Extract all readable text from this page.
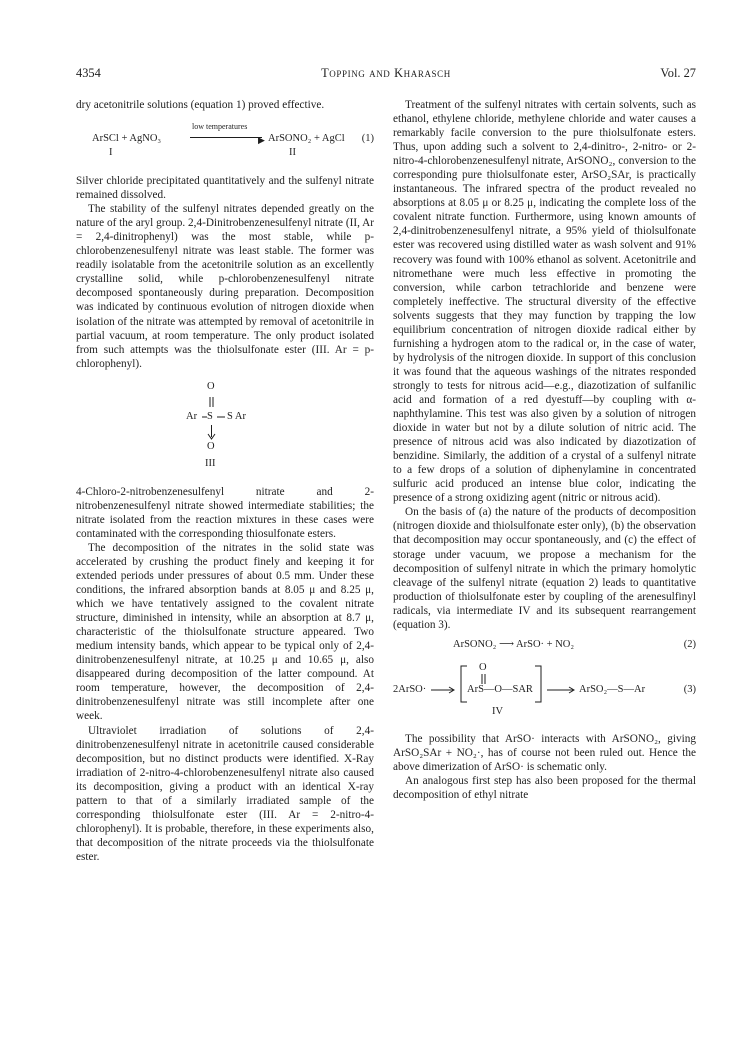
4354	Topping and Kharasch	Vol. 27

dry acetonitrile solutions (equation 1) proved effective.

ArSCl + AgNO₃
I
low temperatures
▶ ArSONO₂ + AgCl
II
(1)

Silver chloride precipitated quantitatively and the sulfenyl nitrate remained dissolved.

The stability of the sulfenyl nitrates depended greatly on the nature of the aryl group. 2,4-Dinitrobenzenesulfenyl nitrate (II, Ar = 2,4-dinitrophenyl) was the most stable, while p-chlorobenzenesulfenyl nitrate was least stable. The former was readily isolatable from the acetonitrile solution as an excellently crystalline solid, while p-chlorobenzenesulfenyl nitrate decomposed spontaneously during preparation. Decomposition was indicated by continuous evolution of nitrogen dioxide when isolation of the nitrate was attempted by removal of acetonitrile in partial vacuum, at room temperature. The only product isolated from such attempts was the thiolsulfonate ester (III. Ar = p-chlorophenyl).

O
Ar S S Ar
O
III

4-Chloro-2-nitrobenzenesulfenyl nitrate and 2-nitrobenzenesulfenyl nitrate showed intermediate stabilities; the nitrate isolated from the reaction mixtures in these cases were contaminated with the corresponding thiosulfonate esters.

The decomposition of the nitrates in the solid state was accelerated by crushing the product finely and keeping it for extended periods under pressures of about 0.5 mm. Under these conditions, the infrared absorption bands at 8.05 μ and 8.25 μ, which we have tentatively assigned to the covalent nitrate structure, diminished in intensity, while an absorption at 8.7 μ, characteristic of the thiolsulfonate structure appeared. Two medium intensity bands, which appear to be typical only of 2,4-dinitrobenzenesulfenyl nitrate, at 10.25 μ and 10.65 μ, also disappeared during decomposition of the latter compound. At room temperature, however, the decomposition of 2,4-dinitrobenzenesulfenyl nitrate was still incomplete after one week.

Ultraviolet irradiation of solutions of 2,4-dinitrobenzenesulfenyl nitrate in acetonitrile caused considerable decomposition, but no distinct products were identified. X-Ray irradiation of 2-nitro-4-chlorobenzenesulfenyl nitrate also caused its decomposition, giving a product with an identical X-ray pattern to that of a similarly irradiated sample of the corresponding thiolsulfonate ester (III. Ar = 2-nitro-4-chlorophenyl). It is probable, therefore, in these experiments also, that decomposition of the nitrate proceeds via the thiolsulfonate ester.

Treatment of the sulfenyl nitrates with certain solvents, such as ethanol, ethylene chloride, methylene chloride and water causes a remarkably facile conversion to the pure thiolsulfonate esters. Thus, upon adding such a solvent to 2,4-dinitro-, 2-nitro- or 2-nitro-4-chlorobenzenesulfenyl nitrate, ArSONO₂, conversion to the corresponding pure thiolsulfonate ester, ArSO₂SAr, is practically instantaneous. The infrared spectra of the product revealed no absorptions at 8.05 μ or 8.25 μ, indicating the complete loss of the covalent nitrate function. Furthermore, using known amounts of 2,4-dinitrobenzenesulfenyl nitrate, a 95% yield of thiolsulfonate ester was recovered using distilled water as wash solvent and 91% recovery was found with 100% ethanol as solvent. Acetonitrile and nitromethane were much less effective in promoting the conversion, while carbon tetrachloride and benzene were completely ineffective. The structural diversity of the effective solvents suggests that they may function by trapping the low equilibrium concentration of nitrogen dioxide radical either by furnishing a hydrogen atom to the radical or, in the case of water, by hydrolysis of the nitrogen dioxide. In support of this conclusion it was found that the aqueous washings of the nitrates responded strongly to tests for nitrous acid—e.g., diazotization of sulfanilic acid and formation of a red dyestuff—by coupling with α-naphthylamine. This test was also given by a solution of nitrogen dioxide in water but not by a dilute solution of nitric acid. The presence of nitrous acid was also indicated by diazotization of benzidine. Similarly, the addition of a crystal of a sulfenyl nitrate to a few drops of a solution of diphenylamine in concentrated sulfuric acid produced an intense blue color, indicating the presence of a strong oxidizing agent (nitric or nitrous acid).

On the basis of (a) the nature of the products of decomposition (nitrogen dioxide and thiolsulfonate ester only), (b) the observation that decomposition may occur spontaneously, and (c) the effect of storage under vacuum, we propose a mechanism for the decomposition of sulfenyl nitrate in which the primary homolytic cleavage of the sulfenyl nitrate (equation 2) leads to quantitative production of thiolsulfonate ester by coupling of the arenesulfinyl radicals, via intermediate IV and its subsequent rearrangement (equation 3).

ArSONO₂ ⟶ ArSO· + NO₂	(2)
2ArSO·
O
ArS—O—SAR
IV
ArSO₂—S—Ar	(3)

The possibility that ArSO· interacts with ArSONO₂, giving ArSO₂SAr + NO₂·, has of course not been ruled out. Hence the above dimerization of ArSO· is schematic only.

An analogous first step has also been proposed for the thermal decomposition of ethyl nitrate
